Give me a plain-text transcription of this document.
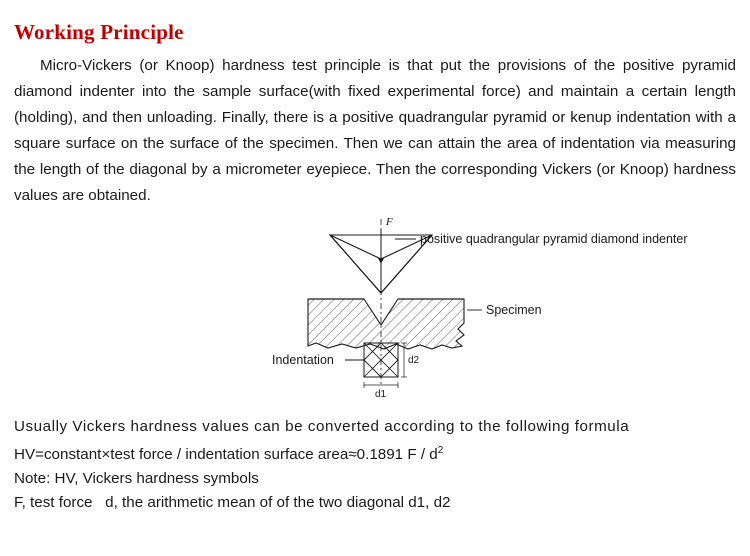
Working Principle

Micro-Vickers (or Knoop) hardness test principle is that put the provisions of the positive pyramid diamond indenter into the sample surface(with fixed experimental force) and maintain a certain length (holding), and then unloading. Finally, there is a positive quadrangular pyramid or kenup indentation with a square surface on the surface of the specimen. Then we can attain the area of indentation via measuring the length of the diagonal by a micrometer eyepiece. Then the corresponding Vickers (or Knoop) hardness values are obtained.

F
positive quadrangular pyramid diamond indenter
Specimen
Indentation	d2
d1
Usually Vickers hardness values can be converted according to the following formula
HV=constant×test force / indentation surface area≈0.1891 F / $d^2$
Note: HV, Vickers hardness symbols
F, test force   d, the arithmetic mean of of the two diagonal d1, d2
